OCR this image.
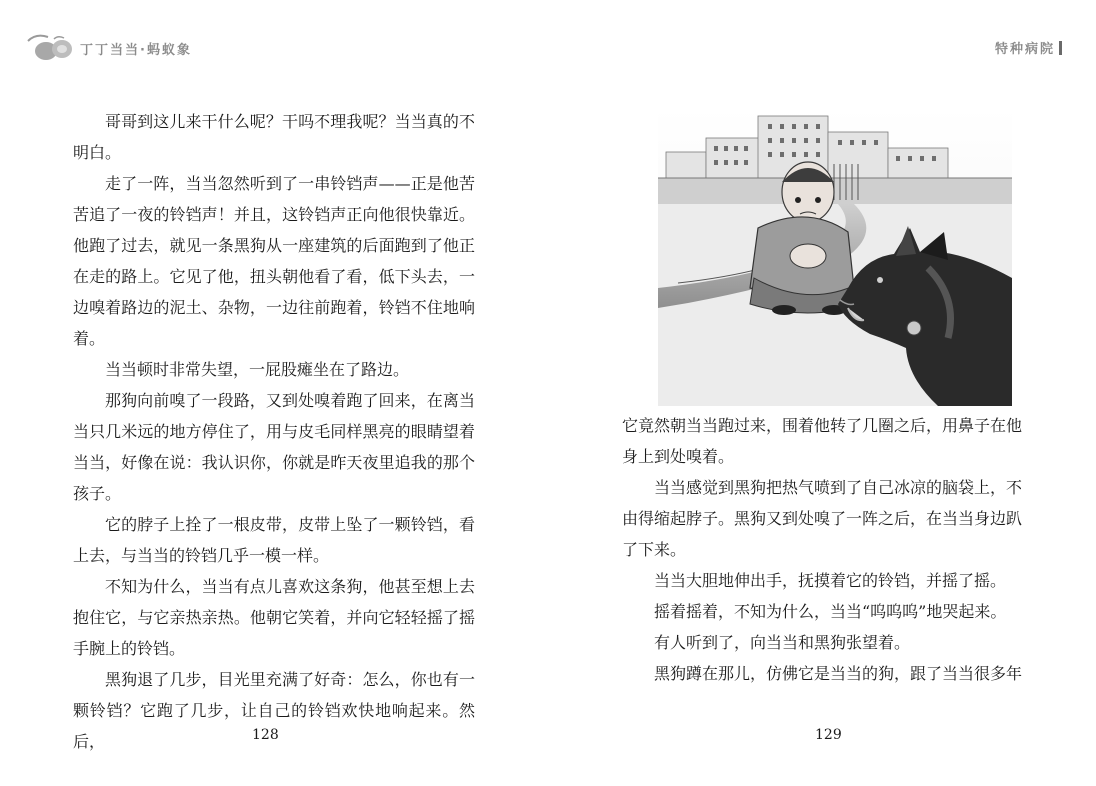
丁丁当当·蚂蚁象

哥哥到这儿来干什么呢？干吗不理我呢？当当真的不明白。

走了一阵，当当忽然听到了一串铃铛声——正是他苦苦追了一夜的铃铛声！并且，这铃铛声正向他很快靠近。他跑了过去，就见一条黑狗从一座建筑的后面跑到了他正在走的路上。它见了他，扭头朝他看了看，低下头去，一边嗅着路边的泥土、杂物，一边往前跑着，铃铛不住地响着。

当当顿时非常失望，一屁股瘫坐在了路边。

那狗向前嗅了一段路，又到处嗅着跑了回来，在离当当只几米远的地方停住了，用与皮毛同样黑亮的眼睛望着当当，好像在说：我认识你，你就是昨天夜里追我的那个孩子。

它的脖子上拴了一根皮带，皮带上坠了一颗铃铛，看上去，与当当的铃铛几乎一模一样。

不知为什么，当当有点儿喜欢这条狗，他甚至想上去抱住它，与它亲热亲热。他朝它笑着，并向它轻轻摇了摇手腕上的铃铛。

黑狗退了几步，目光里充满了好奇：怎么，你也有一颗铃铛？它跑了几步，让自己的铃铛欢快地响起来。然后，	128
特种病院

它竟然朝当当跑过来，围着他转了几圈之后，用鼻子在他身上到处嗅着。

当当感觉到黑狗把热气喷到了自己冰凉的脑袋上，不由得缩起脖子。黑狗又到处嗅了一阵之后，在当当身边趴了下来。

当当大胆地伸出手，抚摸着它的铃铛，并摇了摇。

摇着摇着，不知为什么，当当“呜呜呜”地哭起来。

有人听到了，向当当和黑狗张望着。

黑狗蹲在那儿，仿佛它是当当的狗，跟了当当很多年

129
